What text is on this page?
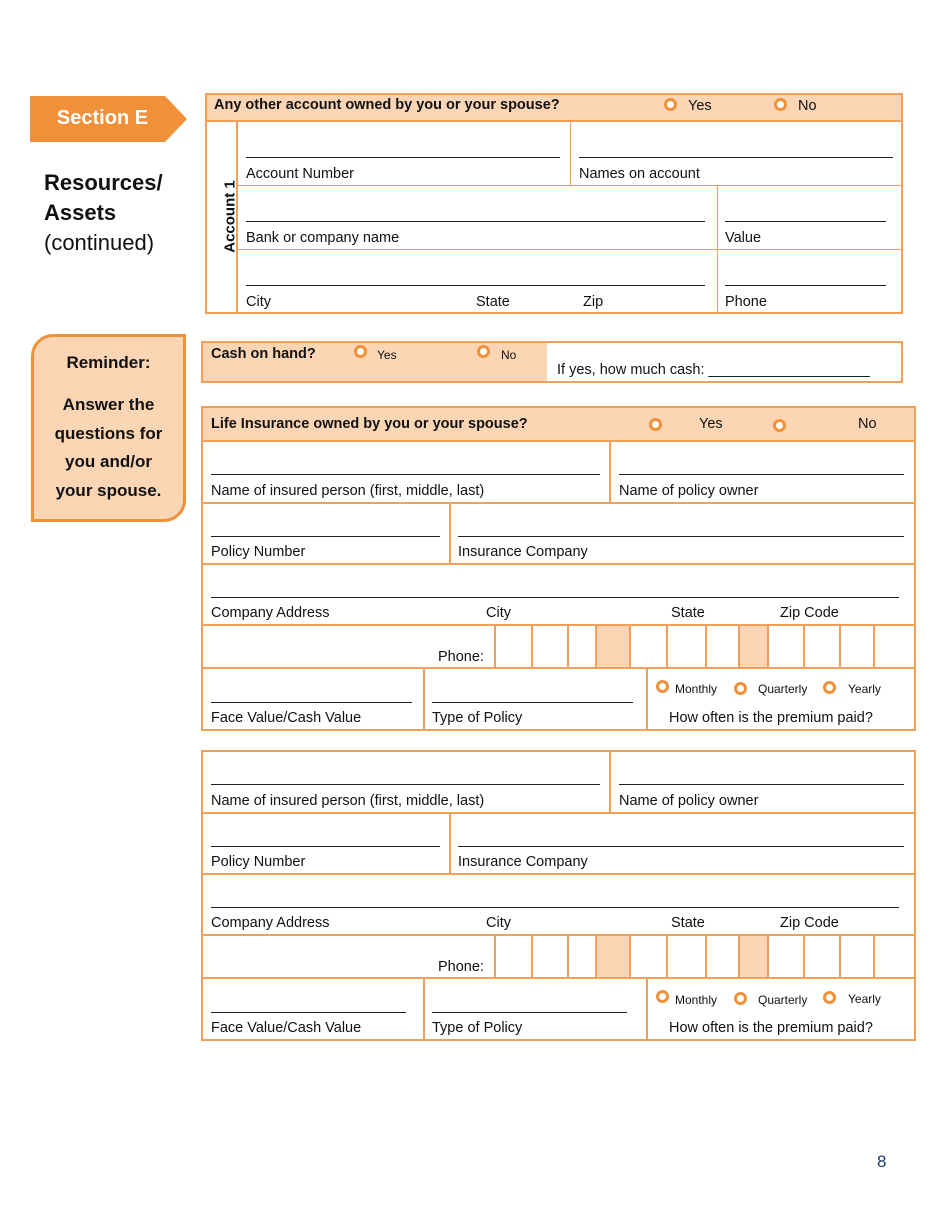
Section E
Resources/
Assets
(continued)
Reminder:
Answer the
questions for
you and/or
your spouse.
Any other account owned by you or your spouse?	Yes	No
Account 1
Account Number	Names on account
Bank or company name	Value
City	State	Zip	Phone
Cash on hand?	Yes	No
If yes, how much cash: ____________________
Life Insurance owned by you or your spouse?	Yes	No
Name of insured person (first, middle, last)	Name of policy owner
Policy Number	Insurance Company
Company Address	City	State	Zip Code
Phone:
Face Value/Cash Value	Type of Policy
Monthly	Quarterly	Yearly
How often is the premium paid?
Name of insured person (first, middle, last)	Name of policy owner
Policy Number	Insurance Company
Company Address	City	State	Zip Code
Phone:
Face Value/Cash Value	Type of Policy
Monthly	Quarterly	Yearly
How often is the premium paid?
8
